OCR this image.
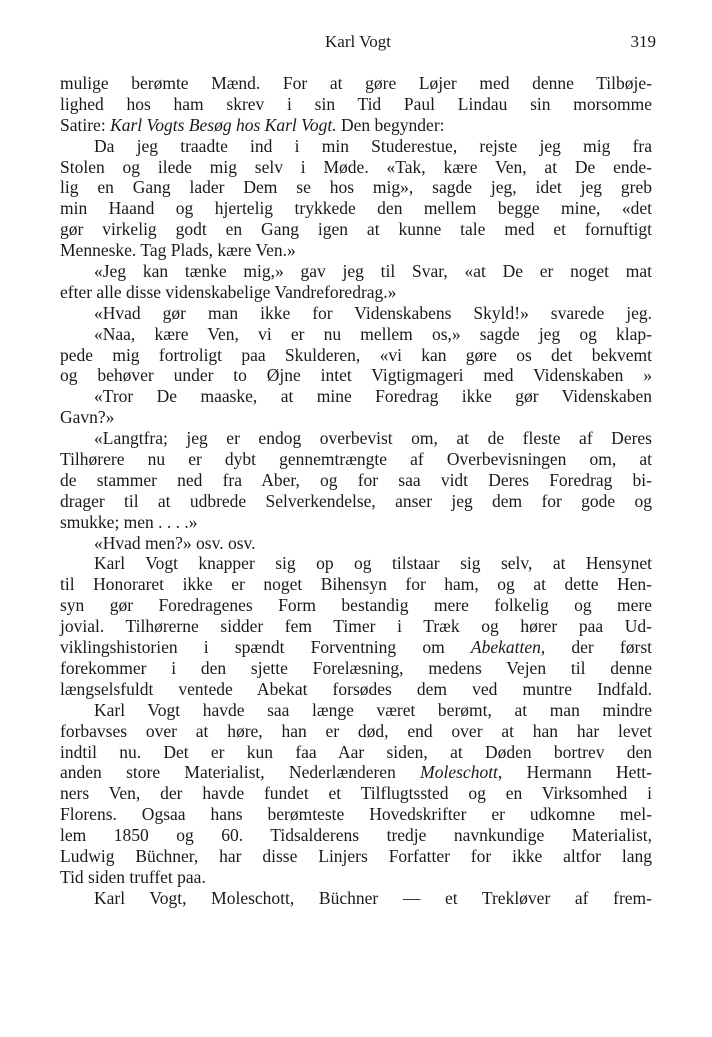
Karl Vogt	319
mulige berømte Mænd. For at gøre Løjer med denne Tilbøje-
lighed hos ham skrev i sin Tid Paul Lindau sin morsomme
Satire: Karl Vogts Besøg hos Karl Vogt. Den begynder:
Da jeg traadte ind i min Studerestue, rejste jeg mig fra
Stolen og ilede mig selv i Møde. «Tak, kære Ven, at De ende-
lig en Gang lader Dem se hos mig», sagde jeg, idet jeg greb
min Haand og hjertelig trykkede den mellem begge mine, «det
gør virkelig godt en Gang igen at kunne tale med et fornuftigt
Menneske. Tag Plads, kære Ven.»
«Jeg kan tænke mig,» gav jeg til Svar, «at De er noget mat
efter alle disse videnskabelige Vandreforedrag.»
«Hvad gør man ikke for Videnskabens Skyld!» svarede jeg.
«Naa, kære Ven, vi er nu mellem os,» sagde jeg og klap-
pede mig fortroligt paa Skulderen, «vi kan gøre os det bekvemt
og behøver under to Øjne intet Vigtigmageri med Videnskaben »
«Tror De maaske, at mine Foredrag ikke gør Videnskaben
Gavn?»
«Langtfra; jeg er endog overbevist om, at de fleste af Deres
Tilhørere nu er dybt gennemtrængte af Overbevisningen om, at
de stammer ned fra Aber, og for saa vidt Deres Foredrag bi-
drager til at udbrede Selverkendelse, anser jeg dem for gode og
smukke; men . . . .»
«Hvad men?» osv. osv.
Karl Vogt knapper sig op og tilstaar sig selv, at Hensynet
til Honoraret ikke er noget Bihensyn for ham, og at dette Hen-
syn gør Foredragenes Form bestandig mere folkelig og mere
jovial. Tilhørerne sidder fem Timer i Træk og hører paa Ud-
viklingshistorien i spændt Forventning om Abekatten, der først
forekommer i den sjette Forelæsning, medens Vejen til denne
længselsfuldt ventede Abekat forsødes dem ved muntre Indfald.
Karl Vogt havde saa længe været berømt, at man mindre
forbavses over at høre, han er død, end over at han har levet
indtil nu. Det er kun faa Aar siden, at Døden bortrev den
anden store Materialist, Nederlænderen Moleschott, Hermann Hett-
ners Ven, der havde fundet et Tilflugtssted og en Virksomhed i
Florens. Ogsaa hans berømteste Hovedskrifter er udkomne mel-
lem 1850 og 60. Tidsalderens tredje navnkundige Materialist,
Ludwig Büchner, har disse Linjers Forfatter for ikke altfor lang
Tid siden truffet paa.
Karl Vogt, Moleschott, Büchner — et Trekløver af frem-
